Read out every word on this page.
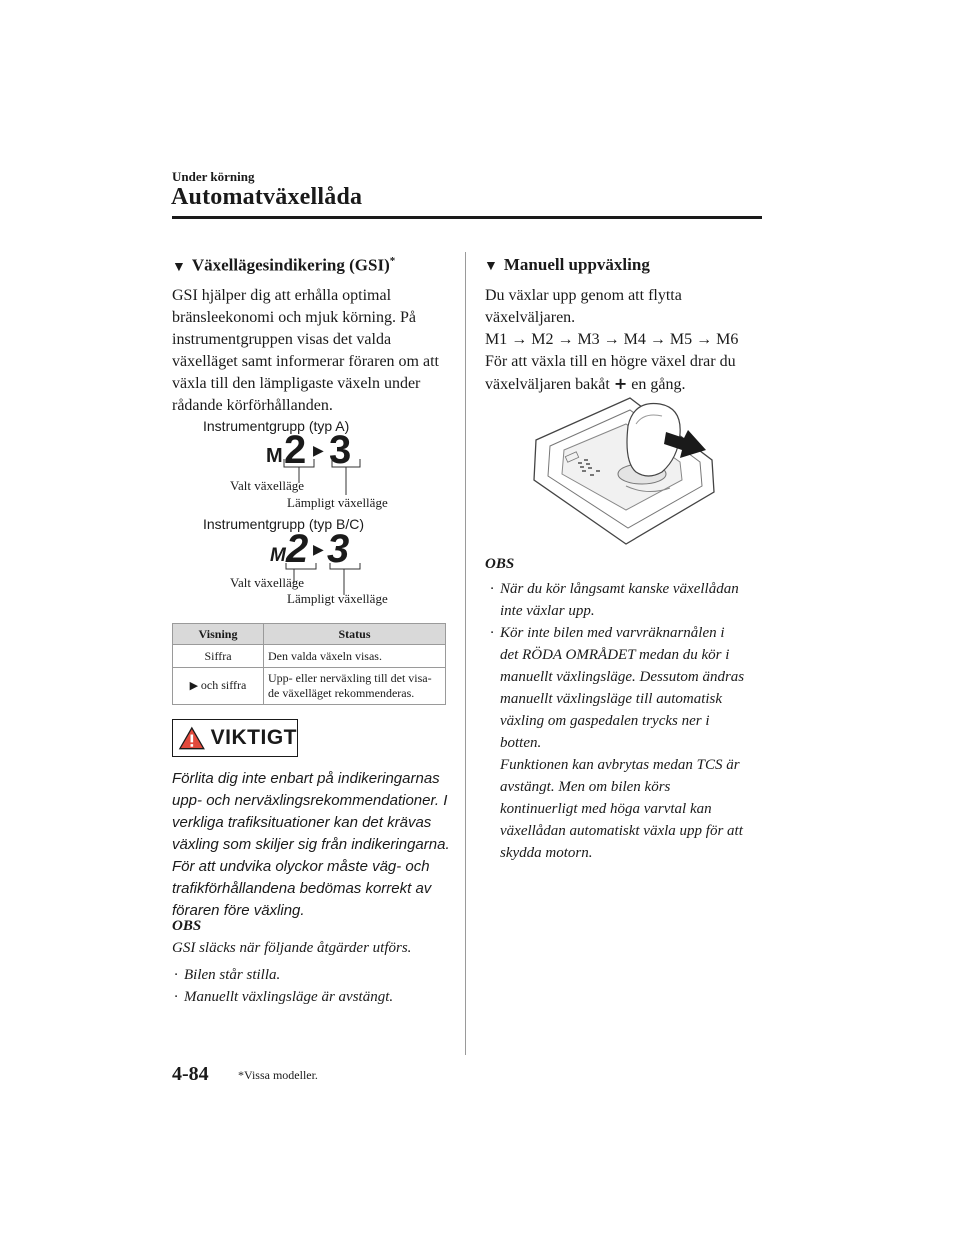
Under körning
Automatväxellåda
▼ Växellägesindikering (GSI)*

GSI hjälper dig att erhålla optimal

bränsleekonomi och mjuk körning. På

instrumentgruppen visas det valda

växelläget samt informerar föraren om att

växla till den lämpligaste växeln under

rådande körförhållanden.

Instrumentgrupp (typ A)
M 2 ▶ 3
Valt växelläge
Lämpligt växelläge
Instrumentgrupp (typ B/C)
M 2 ▶ 3
Valt växelläge
Lämpligt växelläge
Visning	Status
Siffra	Den valda växeln visas.
▶ och siffra	Upp- eller nerväxling till det visa-
de växelläget rekommenderas.
VIKTIGT
Förlita dig inte enbart på indikeringarnas
upp- och nerväxlingsrekommendationer. I
verkliga trafiksituationer kan det krävas
växling som skiljer sig från indikeringarna.
För att undvika olyckor måste väg- och
trafikförhållandena bedömas korrekt av
föraren före växling.
OBS
GSI släcks när följande åtgärder utförs.
· Bilen står stilla.
· Manuellt växlingsläge är avstängt.
▼ Manuell uppväxling

Du växlar upp genom att flytta

växelväljaren.

M1 → M2 → M3 → M4 → M5 → M6

För att växla till en högre växel drar du

växelväljaren bakåt + en gång.

OBS
· När du kör långsamt kanske växellådan
inte växlar upp.
· Kör inte bilen med varvräknarnålen i
det RÖDA OMRÅDET medan du kör i
manuellt växlingsläge. Dessutom ändras
manuellt växlingsläge till automatisk
växling om gaspedalen trycks ner i
botten.
Funktionen kan avbrytas medan TCS är
avstängt. Men om bilen körs
kontinuerligt med höga varvtal kan
växellådan automatiskt växla upp för att
skydda motorn.
4-84 *Vissa modeller.
